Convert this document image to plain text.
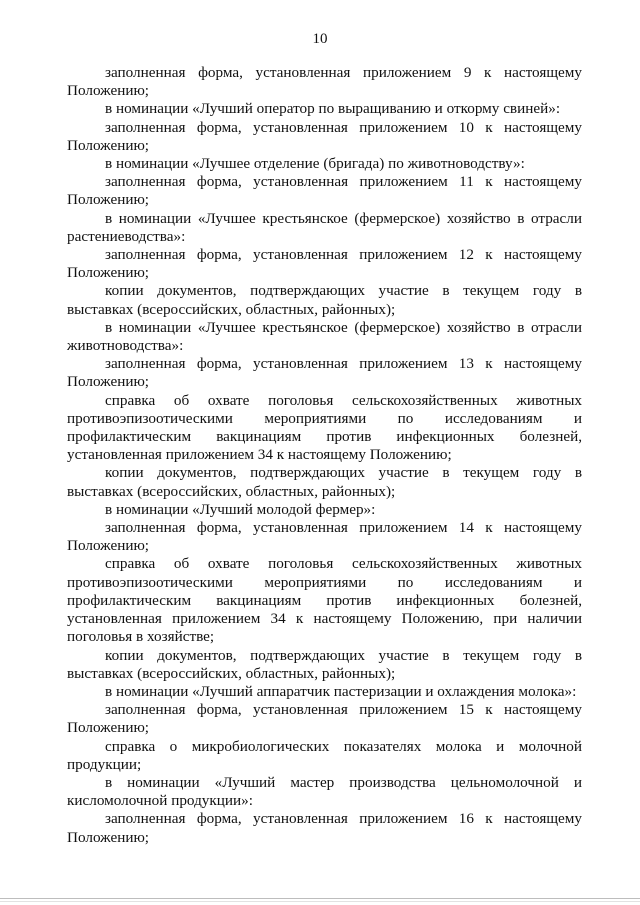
10

заполненная форма, установленная приложением 9 к настоящему Положению;

в номинации «Лучший оператор по выращиванию и откорму свиней»:

заполненная форма, установленная приложением 10 к настоящему Положению;

в номинации «Лучшее отделение (бригада) по животноводству»:

заполненная форма, установленная приложением 11 к настоящему Положению;

в номинации «Лучшее крестьянское (фермерское) хозяйство в отрасли растениеводства»:

заполненная форма, установленная приложением 12 к настоящему Положению;

копии документов, подтверждающих участие в текущем году в выставках (всероссийских, областных, районных);

в номинации «Лучшее крестьянское (фермерское) хозяйство в отрасли животноводства»:

заполненная форма, установленная приложением 13 к настоящему Положению;

справка об охвате поголовья сельскохозяйственных животных противоэпизоотическими мероприятиями по исследованиям и профилактическим вакцинациям против инфекционных болезней, установленная приложением 34 к настоящему Положению;

копии документов, подтверждающих участие в текущем году в выставках (всероссийских, областных, районных);

в номинации «Лучший молодой фермер»:

заполненная форма, установленная приложением 14 к настоящему Положению;

справка об охвате поголовья сельскохозяйственных животных противоэпизоотическими мероприятиями по исследованиям и профилактическим вакцинациям против инфекционных болезней, установленная приложением 34 к настоящему Положению, при наличии поголовья в хозяйстве;

копии документов, подтверждающих участие в текущем году в выставках (всероссийских, областных, районных);

в номинации «Лучший аппаратчик пастеризации и охлаждения молока»:

заполненная форма, установленная приложением 15 к настоящему Положению;

справка о микробиологических показателях молока и молочной продукции;

в номинации «Лучший мастер производства цельномолочной и кисломолочной продукции»:

заполненная форма, установленная приложением 16 к настоящему Положению;
